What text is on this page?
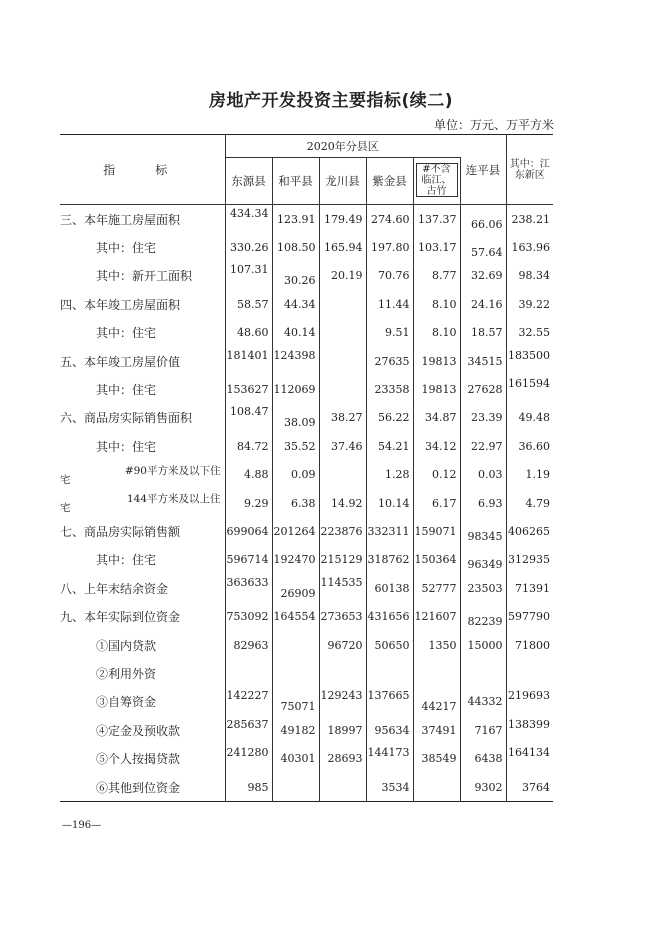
房地产开发投资主要指标(续二)
单位：万元、万平方米
指　标	2020年分县区					连平县	其中：江东新区
	东源县	和平县	龙川县	紫金县	#不含临江、古竹		
三、本年施工房屋面积	434.34	123.91	179.49	274.60	137.37	66.06	238.21
其中：住宅	330.26	108.50	165.94	197.80	103.17	57.64	163.96
其中：新开工面积	107.31	30.26	20.19	70.76	8.77	32.69	98.34
四、本年竣工房屋面积	58.57	44.34		11.44	8.10	24.16	39.22
其中：住宅	48.60	40.14		9.51	8.10	18.57	32.55
五、本年竣工房屋价值	181401	124398		27635	19813	34515	183500
其中：住宅	153627	112069		23358	19813	27628	161594
六、商品房实际销售面积	108.47	38.09	38.27	56.22	34.87	23.39	49.48
其中：住宅	84.72	35.52	37.46	54.21	34.12	22.97	36.60

#90平方米及以下住
宅	4.88	0.09		1.28	0.12	0.03	1.19

144平方米及以上住
宅	9.29	6.38	14.92	10.14	6.17	6.93	4.79
七、商品房实际销售额	699064	201264	223876	332311	159071	98345	406265
其中：住宅	596714	192470	215129	318762	150364	96349	312935
八、上年末结余资金	363633	26909	114535	60138	52777	23503	71391
九、本年实际到位资金	753092	164554	273653	431656	121607	82239	597790
①国内贷款	82963		96720	50650	1350	15000	71800
②利用外资							
③自筹资金	142227	75071	129243	137665	44217	44332	219693
④定金及预收款	285637	49182	18997	95634	37491	7167	138399
⑤个人按揭贷款	241280	40301	28693	144173	38549	6438	164134
⑥其他到位资金	985			3534		9302	3764
—196—
